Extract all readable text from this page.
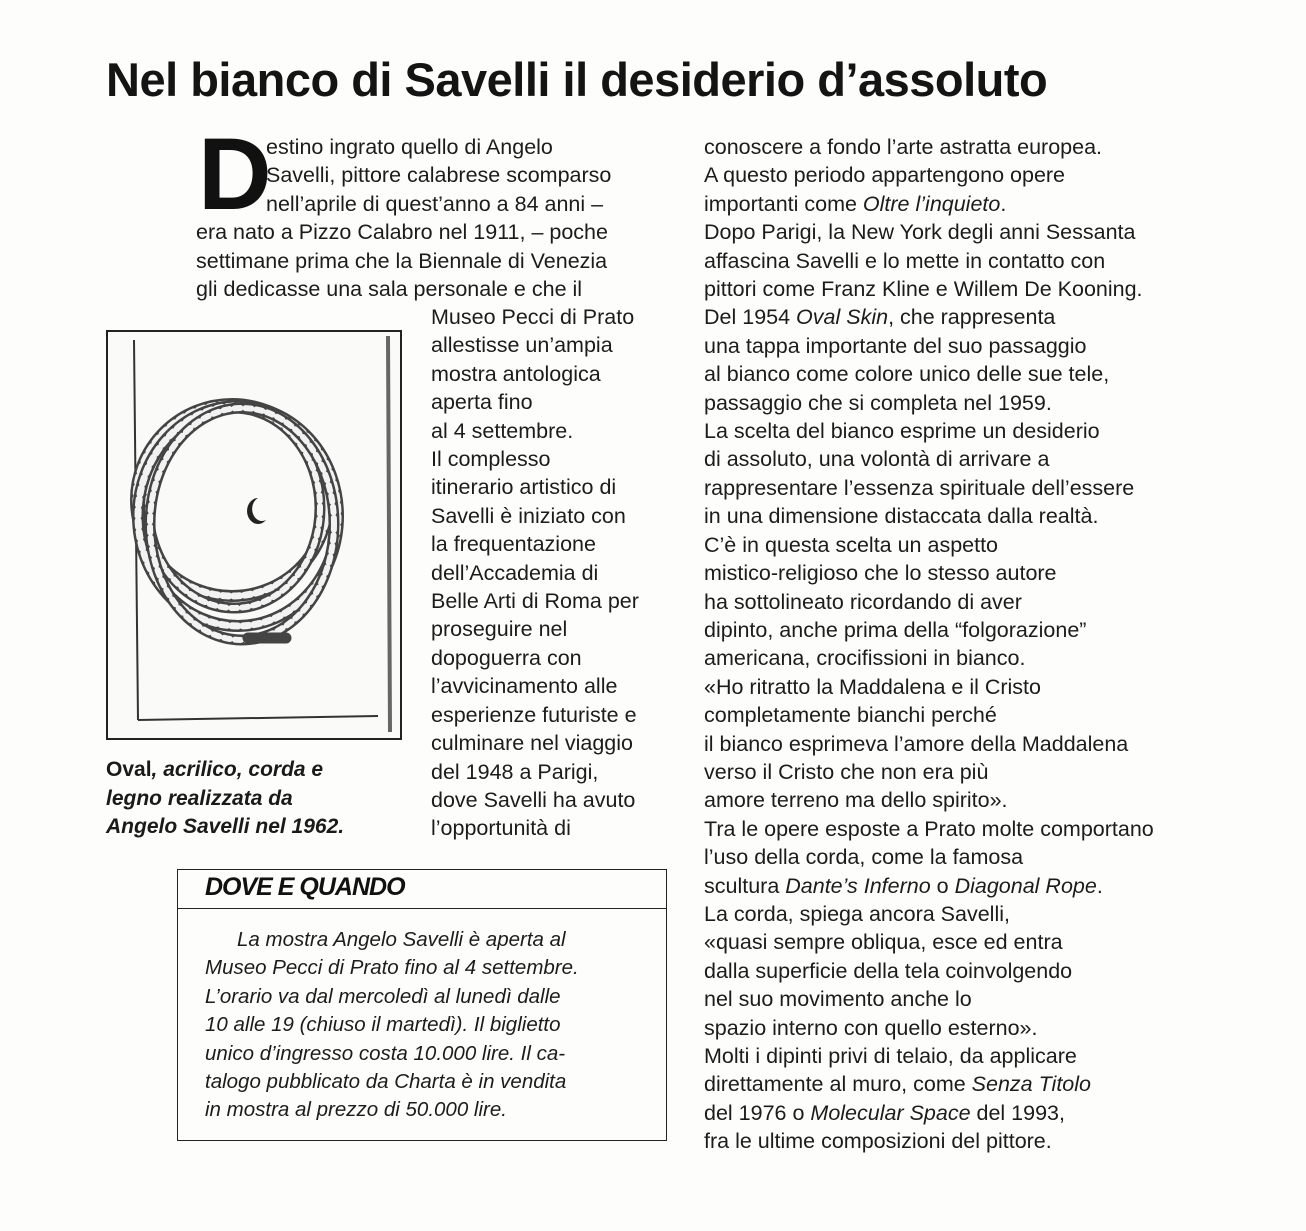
Nel bianco di Savelli il desiderio d’assoluto
D
estino ingrato quello di Angelo
Savelli, pittore calabrese scomparso
nell’aprile di quest’anno a 84 anni –
era nato a Pizzo Calabro nel 1911, – poche
settimane prima che la Biennale di Venezia
gli dedicasse una sala personale e che il
Oval, acrilico, corda e
legno realizzata da
Angelo Savelli nel 1962.
Museo Pecci di Prato
allestisse un’ampia
mostra antologica
aperta fino
al 4 settembre.
Il complesso
itinerario artistico di
Savelli è iniziato con
la frequentazione
dell’Accademia di
Belle Arti di Roma per
proseguire nel
dopoguerra con
l’avvicinamento alle
esperienze futuriste e
culminare nel viaggio
del 1948 a Parigi,
dove Savelli ha avuto
l’opportunità di
DOVE E QUANDO
La mostra Angelo Savelli è aperta al
Museo Pecci di Prato fino al 4 settembre.
L’orario va dal mercoledì al lunedì dalle
10 alle 19 (chiuso il martedì). Il biglietto
unico d’ingresso costa 10.000 lire. Il ca-
talogo pubblicato da Charta è in vendita
in mostra al prezzo di 50.000 lire.
conoscere a fondo l’arte astratta europea.
A questo periodo appartengono opere
importanti come Oltre l’inquieto.
Dopo Parigi, la New York degli anni Sessanta
affascina Savelli e lo mette in contatto con
pittori come Franz Kline e Willem De Kooning.
Del 1954 Oval Skin, che rappresenta
una tappa importante del suo passaggio
al bianco come colore unico delle sue tele,
passaggio che si completa nel 1959.
La scelta del bianco esprime un desiderio
di assoluto, una volontà di arrivare a
rappresentare l’essenza spirituale dell’essere
in una dimensione distaccata dalla realtà.
C’è in questa scelta un aspetto
mistico-religioso che lo stesso autore
ha sottolineato ricordando di aver
dipinto, anche prima della “folgorazione”
americana, crocifissioni in bianco.
«Ho ritratto la Maddalena e il Cristo
completamente bianchi perché
il bianco esprimeva l’amore della Maddalena
verso il Cristo che non era più
amore terreno ma dello spirito».
Tra le opere esposte a Prato molte comportano
l’uso della corda, come la famosa
scultura Dante’s Inferno o Diagonal Rope.
La corda, spiega ancora Savelli,
«quasi sempre obliqua, esce ed entra
dalla superficie della tela coinvolgendo
nel suo movimento anche lo
spazio interno con quello esterno».
Molti i dipinti privi di telaio, da applicare
direttamente al muro, come Senza Titolo
del 1976 o Molecular Space del 1993,
fra le ultime composizioni del pittore.
